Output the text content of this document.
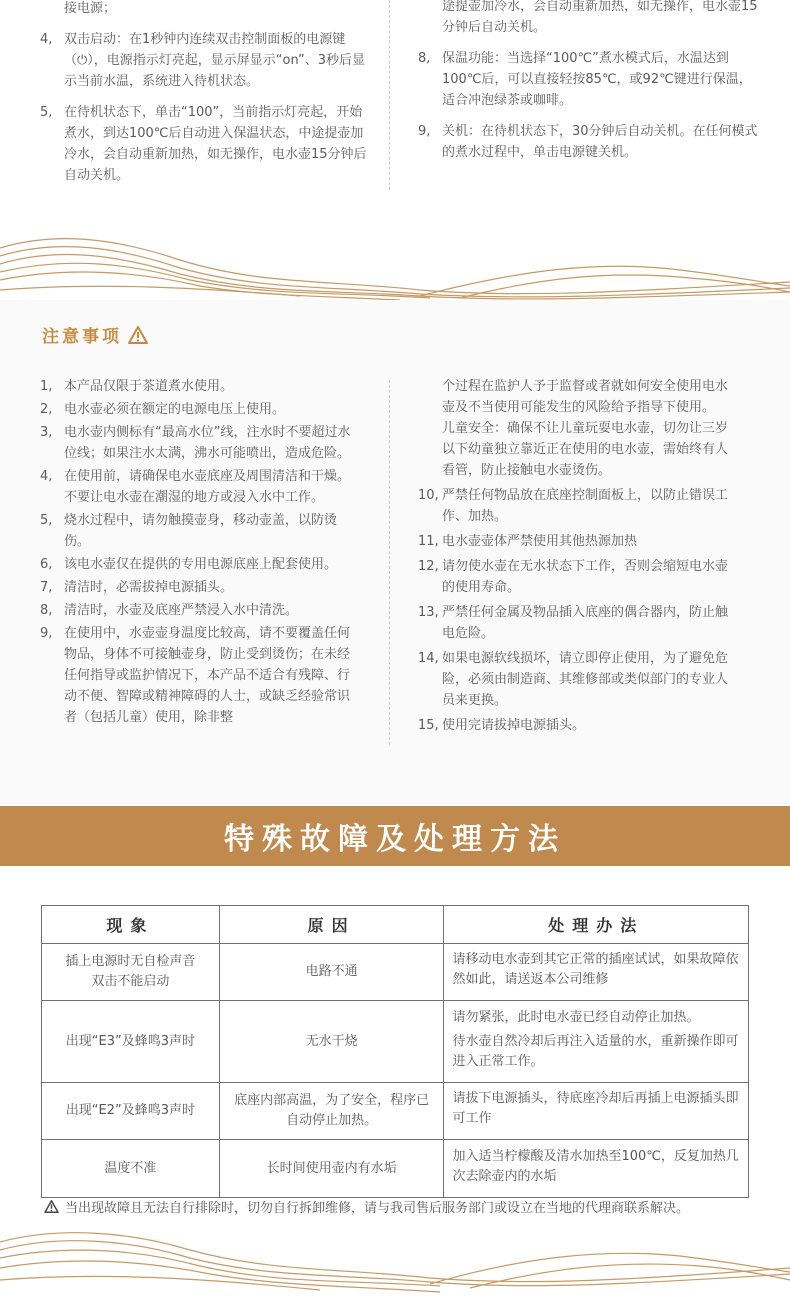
接电源；
4, 双击启动：在1秒钟内连续双击控制面板的电源键（⏻），电源指示灯亮起，显示屏显示“on”、3秒后显示当前水温，系统进入待机状态。
5, 在待机状态下，单击“100”，当前指示灯亮起，开始煮水，到达100℃后自动进入保温状态，中途提壶加冷水，会自动重新加热，如无操作，电水壶15分钟后自动关机。
途提壶加冷水，会自动重新加热，如无操作，电水壶15分钟后自动关机。
8, 保温功能：当选择“100℃”煮水模式后，水温达到100℃后，可以直接轻按85℃，或92℃键进行保温，适合冲泡绿茶或咖啡。
9, 关机：在待机状态下，30分钟后自动关机。在任何模式的煮水过程中，单击电源键关机。
注意事项
1, 本产品仅限于茶道煮水使用。
2, 电水壶必须在额定的电源电压上使用。
3, 电水壶内侧标有“最高水位”线，注水时不要超过水位线；如果注水太满，沸水可能喷出，造成危险。
4, 在使用前，请确保电水壶底座及周围清洁和干燥。不要让电水壶在潮湿的地方或浸入水中工作。
5, 烧水过程中，请勿触摸壶身，移动壶盖，以防烫伤。
6, 该电水壶仅在提供的专用电源底座上配套使用。
7, 清洁时，必需拔掉电源插头。
8, 清洁时，水壶及底座严禁浸入水中清洗。
9, 在使用中，水壶壶身温度比较高，请不要覆盖任何物品，身体不可接触壶身，防止受到烫伤；在未经任何指导或监护情况下，本产品不适合有残障、行动不便、智障或精神障碍的人士，或缺乏经验常识者（包括儿童）使用，除非整
个过程在监护人予于监督或者就如何安全使用电水壶及不当使用可能发生的风险给予指导下使用。
儿童安全：确保不让儿童玩耍电水壶，切勿让三岁以下幼童独立靠近正在使用的电水壶，需始终有人看管，防止接触电水壶烫伤。
10, 严禁任何物品放在底座控制面板上，以防止错误工作、加热。
11, 电水壶壶体严禁使用其他热源加热
12, 请勿使水壶在无水状态下工作，否则会缩短电水壶的使用寿命。
13, 严禁任何金属及物品插入底座的偶合器内，防止触电危险。
14, 如果电源软线损坏，请立即停止使用，为了避免危险，必须由制造商、其维修部或类似部门的专业人员来更换。
15, 使用完请拔掉电源插头。
特殊故障及处理方法
现象	原因	处理办法
插上电源时无自检声音双击不能启动	电路不通	请移动电水壶到其它正常的插座试试，如果故障依然如此，请送返本公司维修

出现“E3”及蜂鸣3声时	无水干烧	请勿紧张，此时电水壶已经自动停止加热。

待水壶自然冷却后再注入适量的水，重新操作即可进入正常工作。

出现“E2”及蜂鸣3声时	底座内部高温，为了安全，程序已自动停止加热。	请拔下电源插头，待底座冷却后再插上电源插头即可工作

温度不准	长时间使用壶内有水垢	加入适当柠檬酸及清水加热至100℃，反复加热几次去除壶内的水垢

当出现故障且无法自行排除时，切勿自行拆卸维修，请与我司售后服务部门或设立在当地的代理商联系解决。
